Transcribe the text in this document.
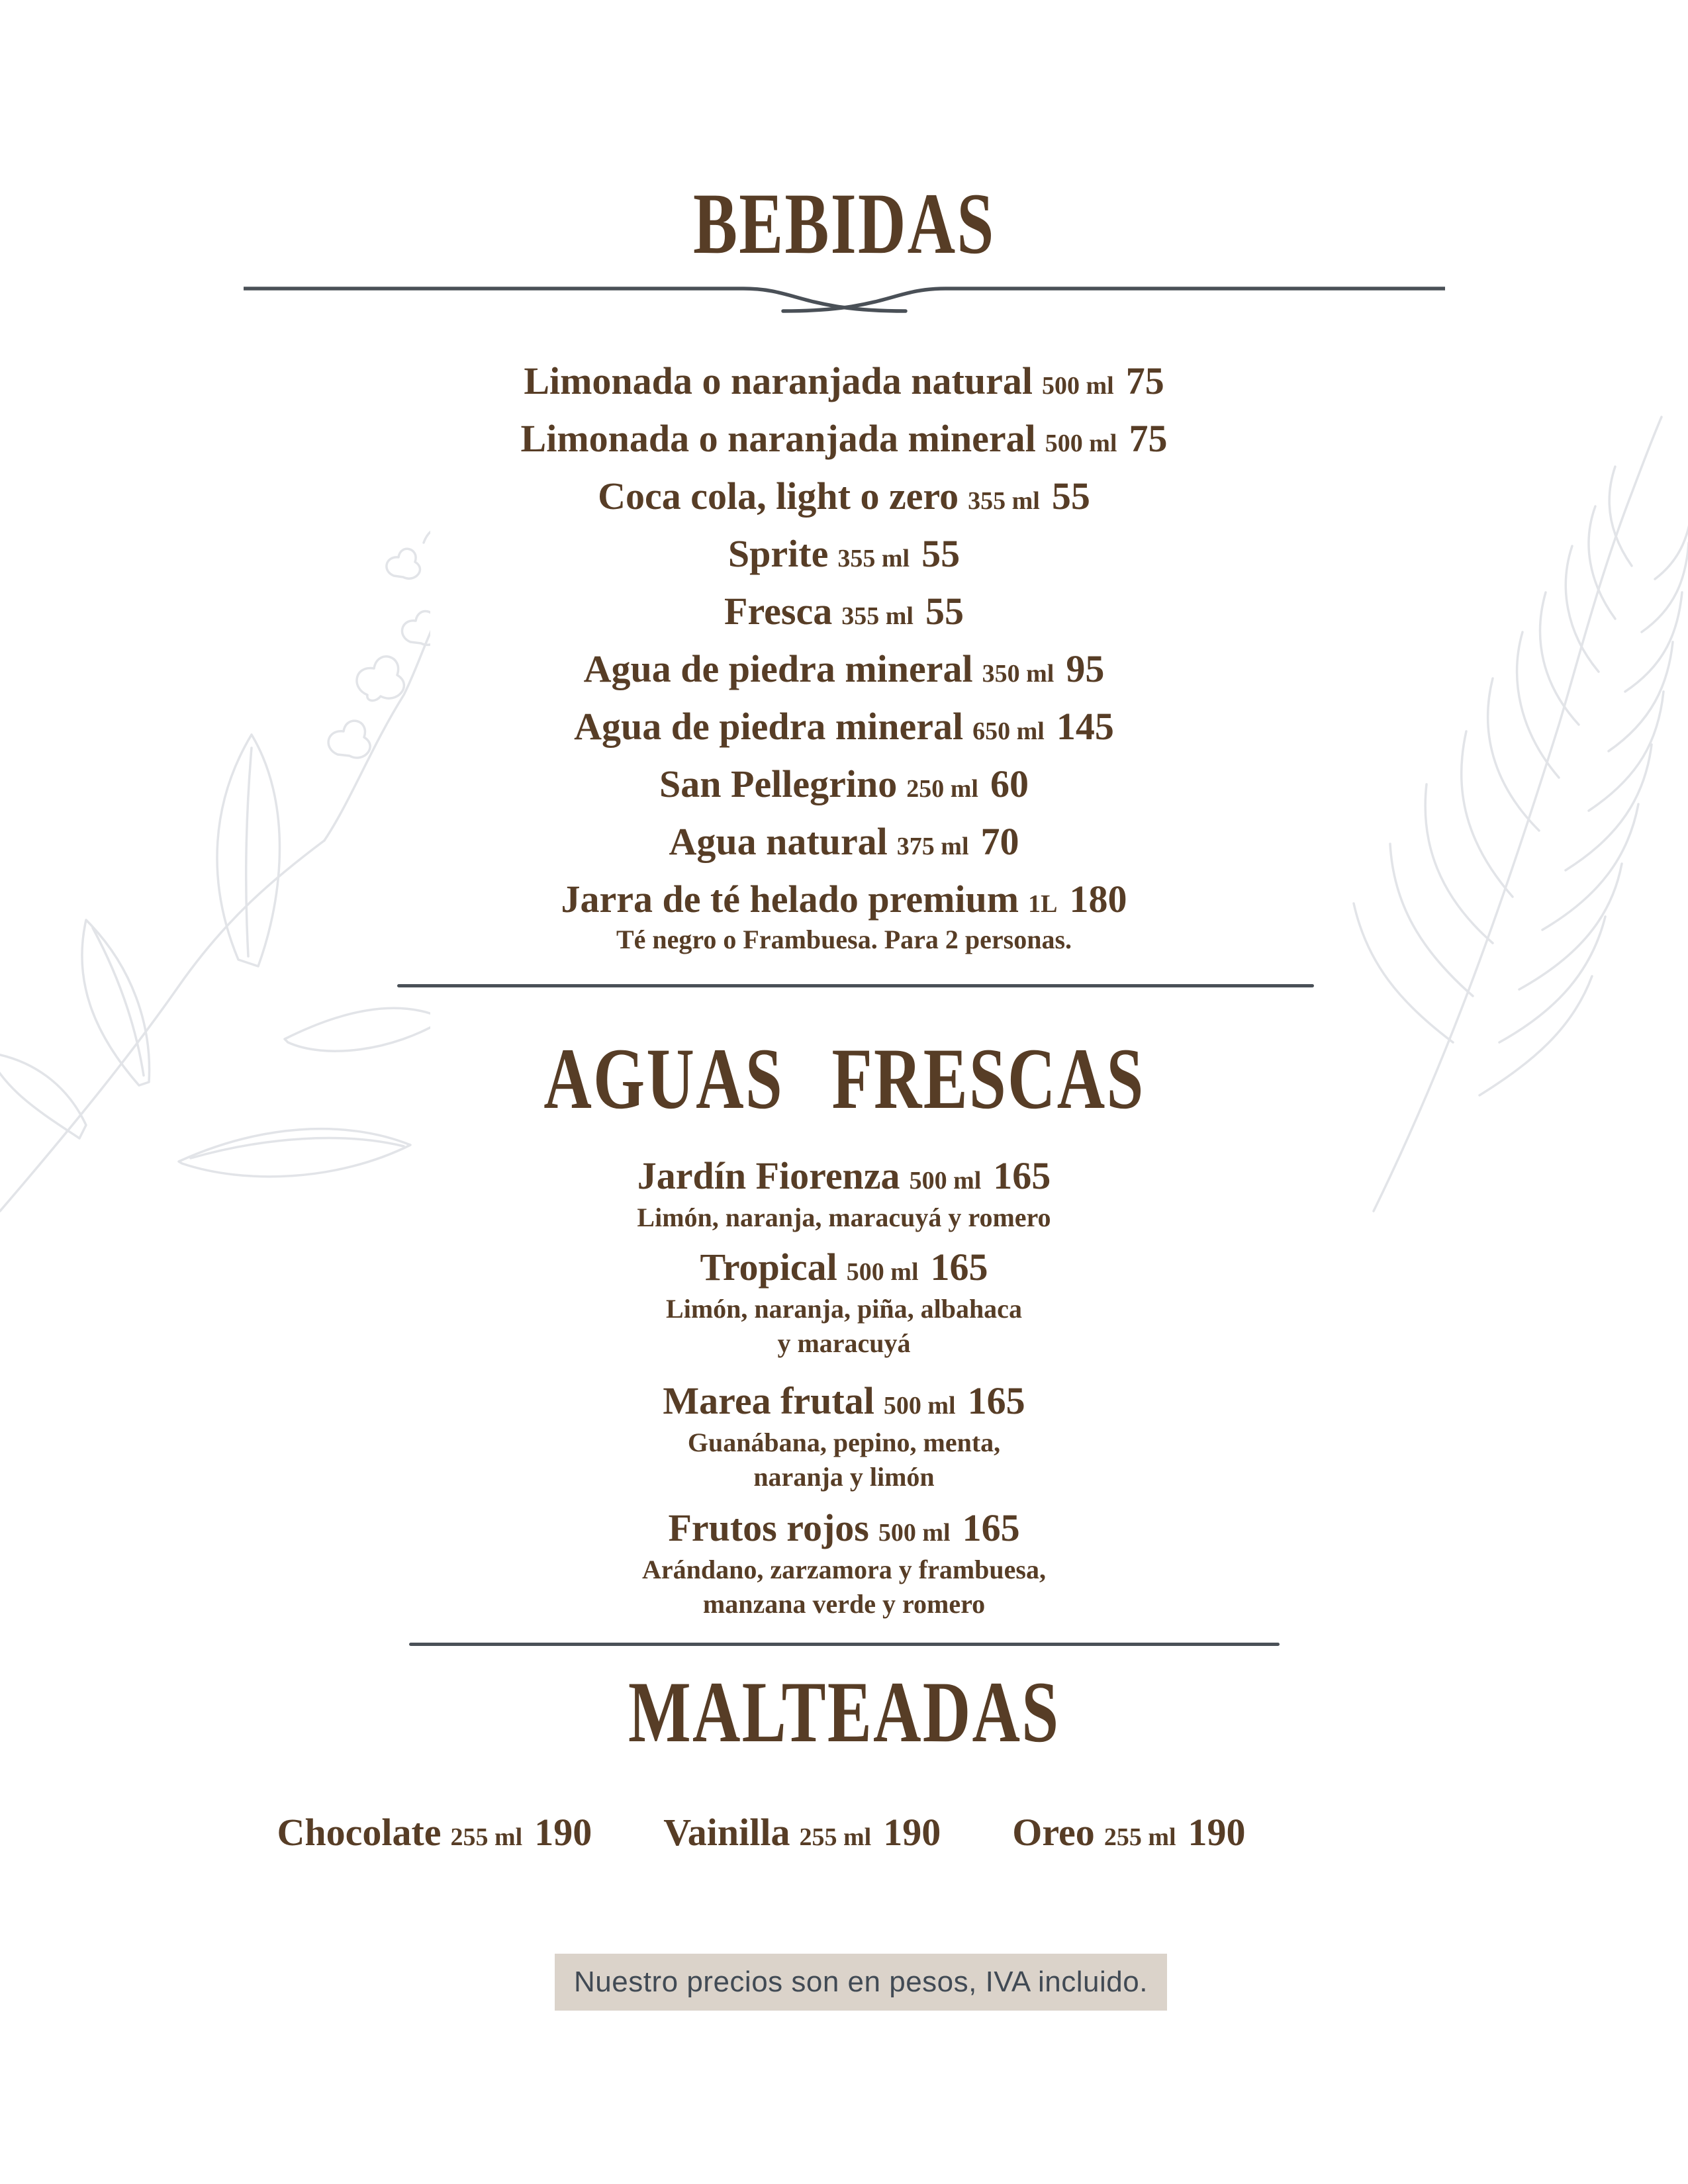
BEBIDAS
Limonada o naranjada natural 500 ml 75
Limonada o naranjada mineral 500 ml 75
Coca cola, light o zero 355 ml 55
Sprite 355 ml 55
Fresca 355 ml 55
Agua de piedra mineral 350 ml 95
Agua de piedra mineral 650 ml 145
San Pellegrino 250 ml 60
Agua natural 375 ml 70
Jarra de té helado premium 1L 180
Té negro o Frambuesa. Para 2 personas.
AGUAS FRESCAS
Jardín Fiorenza 500 ml 165
Limón, naranja, maracuyá y romero
Tropical 500 ml 165
Limón, naranja, piña, albahaca
y maracuyá
Marea frutal 500 ml 165
Guanábana, pepino, menta,
naranja y limón
Frutos rojos 500 ml 165
Arándano, zarzamora y frambuesa,
manzana verde y romero
MALTEADAS
Chocolate 255 ml 190 Vainilla 255 ml 190 Oreo 255 ml 190
Nuestro precios son en pesos, IVA incluido.
